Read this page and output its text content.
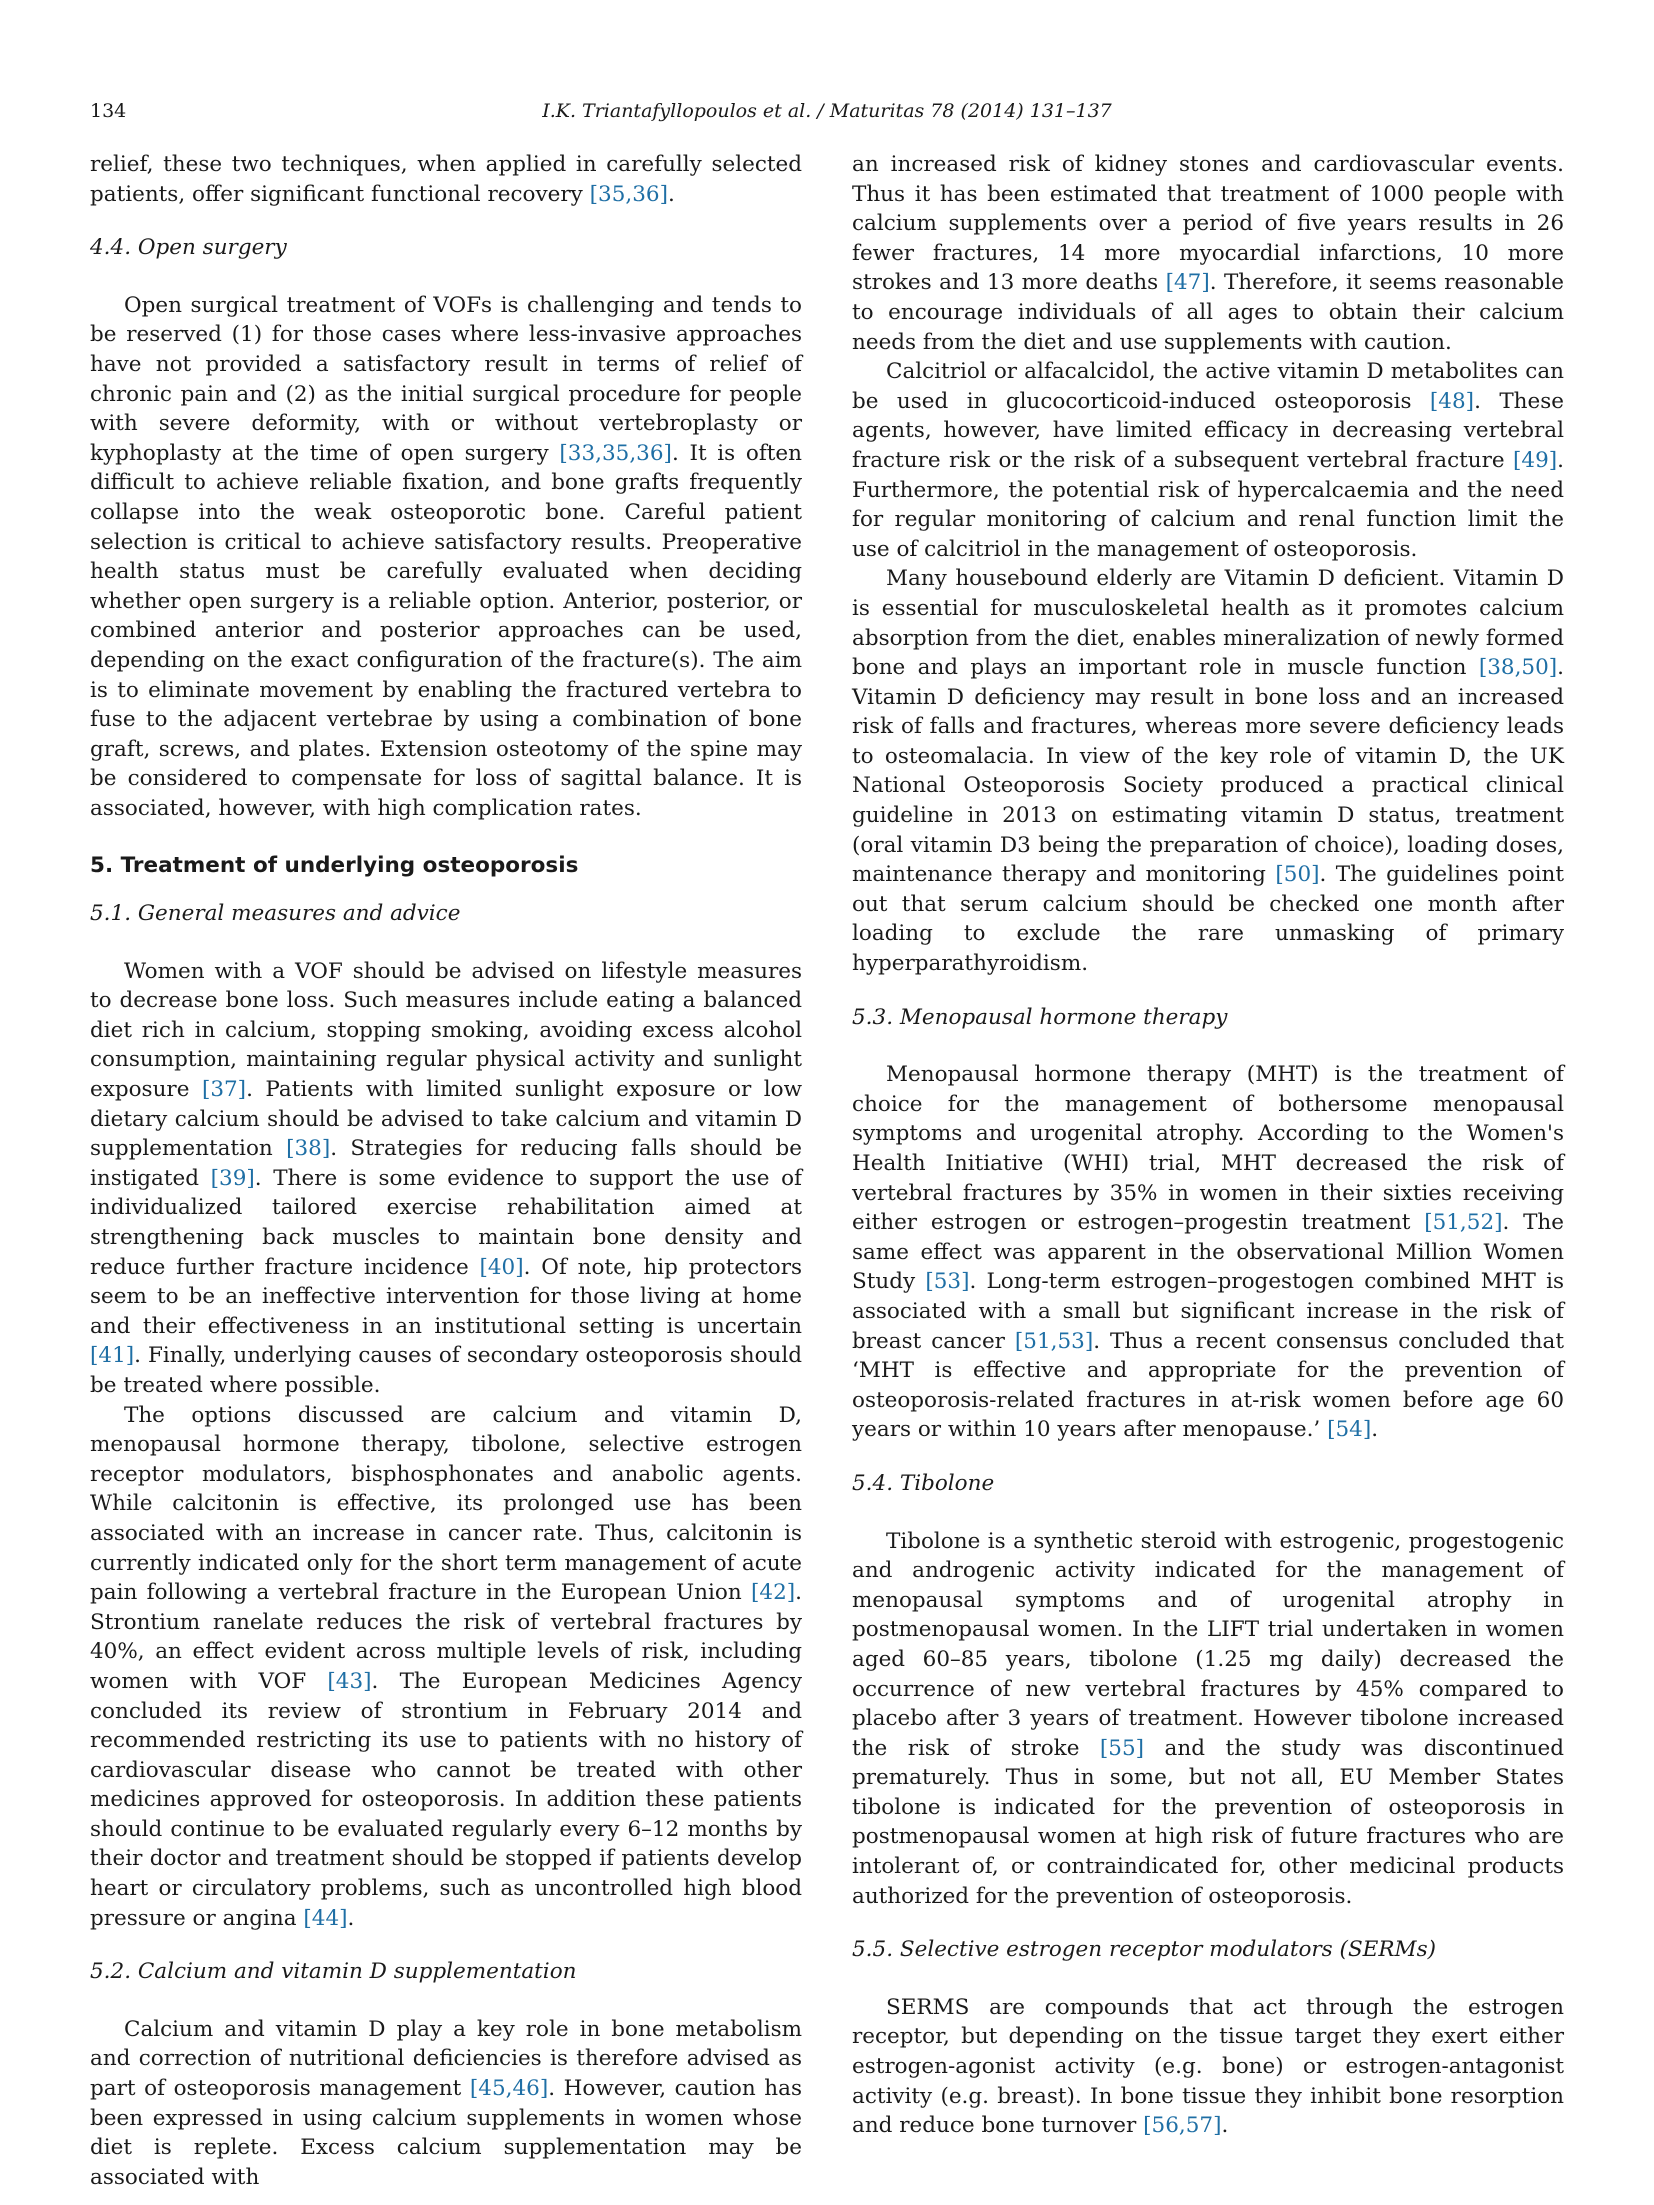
134	I.K. Triantafyllopoulos et al. / Maturitas 78 (2014) 131–137

relief, these two techniques, when applied in carefully selected patients, offer significant functional recovery [35,36].

4.4. Open surgery

Open surgical treatment of VOFs is challenging and tends to be reserved (1) for those cases where less-invasive approaches have not provided a satisfactory result in terms of relief of chronic pain and (2) as the initial surgical procedure for people with severe deformity, with or without vertebroplasty or kyphoplasty at the time of open surgery [33,35,36]. It is often difficult to achieve reliable fixation, and bone grafts frequently collapse into the weak osteoporotic bone. Careful patient selection is critical to achieve satisfactory results. Preoperative health status must be carefully evaluated when deciding whether open surgery is a reliable option. Anterior, posterior, or combined anterior and posterior approaches can be used, depending on the exact configuration of the fracture(s). The aim is to eliminate movement by enabling the fractured vertebra to fuse to the adjacent vertebrae by using a combination of bone graft, screws, and plates. Extension osteotomy of the spine may be considered to compensate for loss of sagittal balance. It is associated, however, with high complication rates.

5. Treatment of underlying osteoporosis
5.1. General measures and advice

Women with a VOF should be advised on lifestyle measures to decrease bone loss. Such measures include eating a balanced diet rich in calcium, stopping smoking, avoiding excess alcohol consumption, maintaining regular physical activity and sunlight exposure [37]. Patients with limited sunlight exposure or low dietary calcium should be advised to take calcium and vitamin D supplementation [38]. Strategies for reducing falls should be instigated [39]. There is some evidence to support the use of individualized tailored exercise rehabilitation aimed at strengthening back muscles to maintain bone density and reduce further fracture incidence [40]. Of note, hip protectors seem to be an ineffective intervention for those living at home and their effectiveness in an institutional setting is uncertain [41]. Finally, underlying causes of secondary osteoporosis should be treated where possible.

The options discussed are calcium and vitamin D, menopausal hormone therapy, tibolone, selective estrogen receptor modulators, bisphosphonates and anabolic agents. While calcitonin is effective, its prolonged use has been associated with an increase in cancer rate. Thus, calcitonin is currently indicated only for the short term management of acute pain following a vertebral fracture in the European Union [42]. Strontium ranelate reduces the risk of vertebral fractures by 40%, an effect evident across multiple levels of risk, including women with VOF [43]. The European Medicines Agency concluded its review of strontium in February 2014 and recommended restricting its use to patients with no history of cardiovascular disease who cannot be treated with other medicines approved for osteoporosis. In addition these patients should continue to be evaluated regularly every 6–12 months by their doctor and treatment should be stopped if patients develop heart or circulatory problems, such as uncontrolled high blood pressure or angina [44].

5.2. Calcium and vitamin D supplementation

Calcium and vitamin D play a key role in bone metabolism and correction of nutritional deficiencies is therefore advised as part of osteoporosis management [45,46]. However, caution has been expressed in using calcium supplements in women whose diet is replete. Excess calcium supplementation may be associated with

an increased risk of kidney stones and cardiovascular events. Thus it has been estimated that treatment of 1000 people with calcium supplements over a period of five years results in 26 fewer fractures, 14 more myocardial infarctions, 10 more strokes and 13 more deaths [47]. Therefore, it seems reasonable to encourage individuals of all ages to obtain their calcium needs from the diet and use supplements with caution.

Calcitriol or alfacalcidol, the active vitamin D metabolites can be used in glucocorticoid-induced osteoporosis [48]. These agents, however, have limited efficacy in decreasing vertebral fracture risk or the risk of a subsequent vertebral fracture [49]. Furthermore, the potential risk of hypercalcaemia and the need for regular monitoring of calcium and renal function limit the use of calcitriol in the management of osteoporosis.

Many housebound elderly are Vitamin D deficient. Vitamin D is essential for musculoskeletal health as it promotes calcium absorption from the diet, enables mineralization of newly formed bone and plays an important role in muscle function [38,50]. Vitamin D deficiency may result in bone loss and an increased risk of falls and fractures, whereas more severe deficiency leads to osteomalacia. In view of the key role of vitamin D, the UK National Osteoporosis Society produced a practical clinical guideline in 2013 on estimating vitamin D status, treatment (oral vitamin D3 being the preparation of choice), loading doses, maintenance therapy and monitoring [50]. The guidelines point out that serum calcium should be checked one month after loading to exclude the rare unmasking of primary hyperparathyroidism.

5.3. Menopausal hormone therapy

Menopausal hormone therapy (MHT) is the treatment of choice for the management of bothersome menopausal symptoms and urogenital atrophy. According to the Women's Health Initiative (WHI) trial, MHT decreased the risk of vertebral fractures by 35% in women in their sixties receiving either estrogen or estrogen–progestin treatment [51,52]. The same effect was apparent in the observational Million Women Study [53]. Long-term estrogen–progestogen combined MHT is associated with a small but significant increase in the risk of breast cancer [51,53]. Thus a recent consensus concluded that ‘MHT is effective and appropriate for the prevention of osteoporosis-related fractures in at-risk women before age 60 years or within 10 years after menopause.’ [54].

5.4. Tibolone

Tibolone is a synthetic steroid with estrogenic, progestogenic and androgenic activity indicated for the management of menopausal symptoms and of urogenital atrophy in postmenopausal women. In the LIFT trial undertaken in women aged 60–85 years, tibolone (1.25 mg daily) decreased the occurrence of new vertebral fractures by 45% compared to placebo after 3 years of treatment. However tibolone increased the risk of stroke [55] and the study was discontinued prematurely. Thus in some, but not all, EU Member States tibolone is indicated for the prevention of osteoporosis in postmenopausal women at high risk of future fractures who are intolerant of, or contraindicated for, other medicinal products authorized for the prevention of osteoporosis.

5.5. Selective estrogen receptor modulators (SERMs)

SERMS are compounds that act through the estrogen receptor, but depending on the tissue target they exert either estrogen-agonist activity (e.g. bone) or estrogen-antagonist activity (e.g. breast). In bone tissue they inhibit bone resorption and reduce bone turnover [56,57].
